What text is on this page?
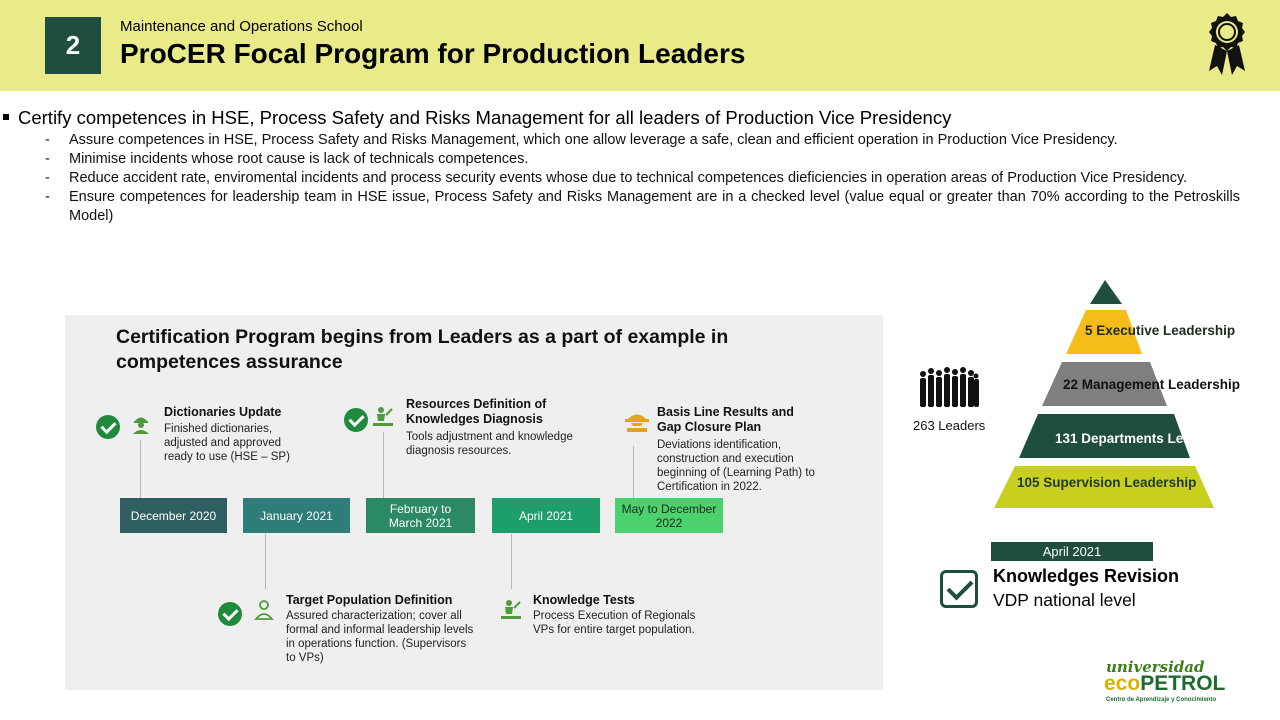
2
Maintenance and Operations School
ProCER Focal Program for Production Leaders
Certify competences in HSE, Process Safety and Risks Management for all leaders of Production Vice Presidency
-	Assure competences in HSE, Process Safety and Risks Management, which one allow leverage a safe, clean and efficient operation in Production Vice Presidency.
-	Minimise incidents whose root cause is lack of technicals competences.
-	Reduce accident rate, enviromental incidents and process security events whose due to technical competences dieficiencies in operation areas of Production Vice Presidency.
-	Ensure competences for leadership team in HSE issue, Process Safety and Risks Management are in a checked level (value equal or greater than 70% according to the Petroskills Model)
Certification Program begins from Leaders as a part of example in competences assurance
December 2020	January 2021	February to March 2021	April 2021	May to December 2022
Dictionaries Update
Finished dictionaries, adjusted and approved ready to use (HSE – SP)
Target Population Definition
Assured characterization; cover all formal and informal leadership levels in operations function. (Supervisors to VPs)
Resources Definition of Knowledges Diagnosis
Tools adjustment and knowledge diagnosis resources.
Knowledge Tests
Process Execution of Regionals VPs for entire target population.
Basis Line Results and Gap Closure Plan
Deviations identification, construction and execution beginning of (Learning Path) to Certification in 2022.
5 Executive Leadership
22 Management Leadership
131 Departments Leadership
105 Supervision Leadership
263 Leaders
April 2021
Knowledges Revision
VDP national level
universidad
ecoPETROL
Centro de Aprendizaje y Conocimiento
